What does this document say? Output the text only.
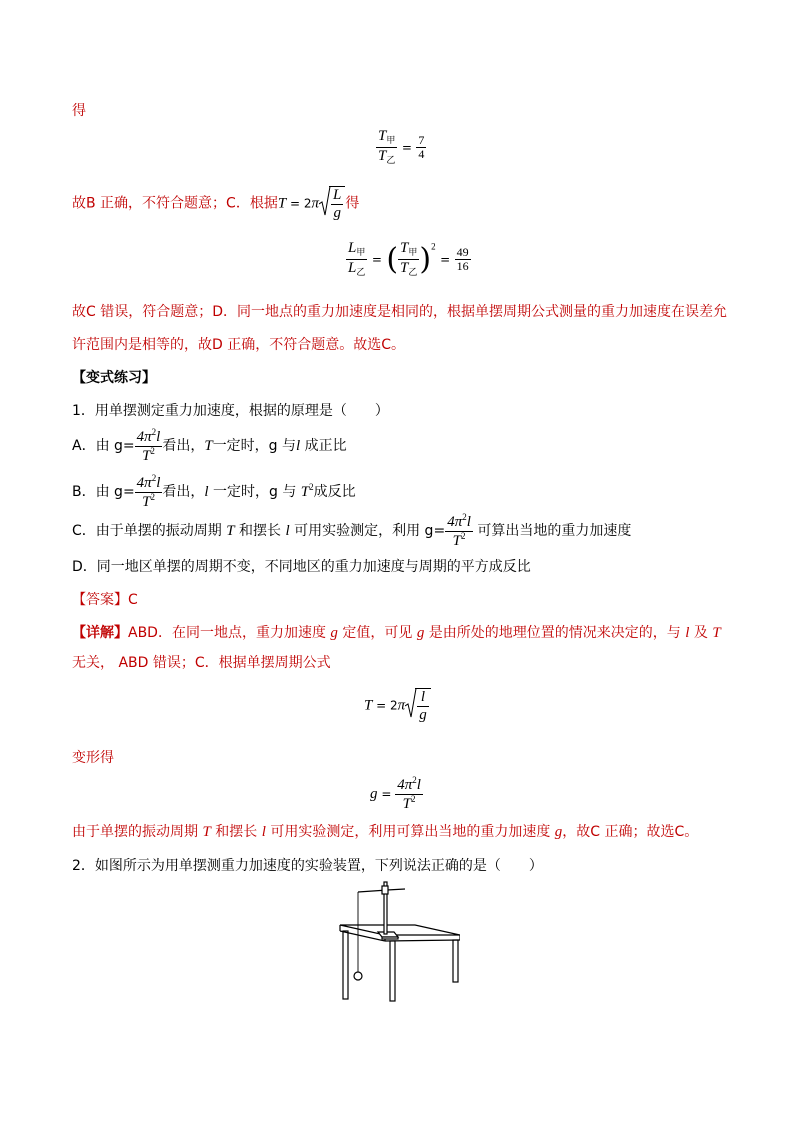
得
$\frac{T_甲}{T_乙} = \frac{7}{4}$
故B 正确，不符合题意；C．根据$T = 2\pi \frac{L}{g}$ 得
$\frac{L_甲}{L_乙}$ = ( $\frac{T_甲}{T_乙} )^2 = \frac{49}{16}$
故C 错误，符合题意；D．同一地点的重力加速度是相同的，根据单摆周期公式测量的重力加速度在误差允
许范围内是相等的，故D 正确，不符合题意。故选C。
【变式练习】
1．用单摆测定重力加速度，根据的原理是（　　）
A．由 $g= \frac{4\pi^2l}{T^2}$ 看出，T一定时，g 与l 成正比
B．由 $g= \frac{4\pi^2l}{T^2}$ 看出，l 一定时，g 与 $T^2$成反比
C．由于单摆的振动周期 T 和摆长 l 可用实验测定，利用 $g= \frac{4\pi^2l}{T^2}$ 可算出当地的重力加速度
D．同一地区单摆的周期不变，不同地区的重力加速度与周期的平方成反比
【答案】C
【详解】ABD．在同一地点，重力加速度 g 定值，可见 g 是由所处的地理位置的情况来决定的，与 l 及 T
无关， ABD 错误；C．根据单摆周期公式
$T = 2\pi \frac{l}{g}$
变形得
$g = \frac{4\pi^2l}{T^2}$
由于单摆的振动周期 T 和摆长 l 可用实验测定，利用可算出当地的重力加速度 g，故C 正确；故选C。
2．如图所示为用单摆测重力加速度的实验装置，下列说法正确的是（　　）
